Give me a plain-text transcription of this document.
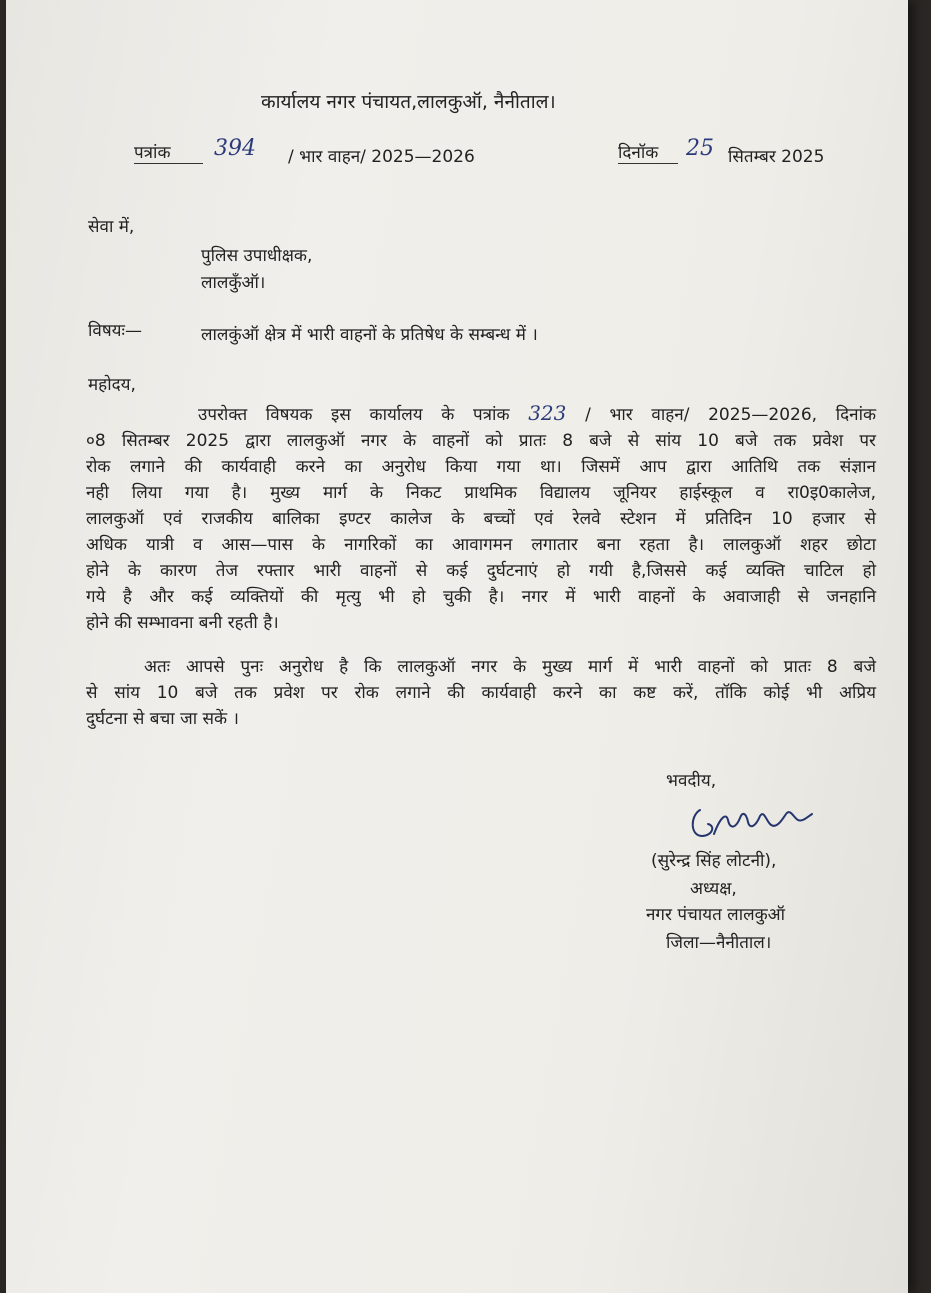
कार्यालय नगर पंचायत,लालकुऑ, नैनीताल।
पत्रांक	394 / भार वाहन/ 2025—2026	दिनॉक	25 सितम्बर 2025
सेवा में,
पुलिस उपाधीक्षक,
लालकुँऑ।
विषयः—	लालकुंऑ क्षेत्र में भारी वाहनों के प्रतिषेध के सम्बन्ध में ।
महोदय,
उपरोक्त विषयक इस कार्यालय के पत्रांक 323 / भार वाहन/ 2025—2026, दिनांक
०8 सितम्बर 2025 द्वारा लालकुऑ नगर के वाहनों को प्रातः 8 बजे से सांय 10 बजे तक प्रवेश पर
रोक लगाने की कार्यवाही करने का अनुरोध किया गया था। जिसमें आप द्वारा आतिथि तक संज्ञान
नही लिया गया है। मुख्य मार्ग के निकट प्राथमिक विद्यालय जूनियर हाईस्कूल व रा0इ0कालेज,
लालकुऑ एवं राजकीय बालिका इण्टर कालेज के बच्चों एवं रेलवे स्टेशन में प्रतिदिन 10 हजार से
अधिक यात्री व आस—पास के नागरिकों का आवागमन लगातार बना रहता है। लालकुऑ शहर छोटा
होने के कारण तेज रफ्तार भारी वाहनों से कई दुर्घटनाएं हो गयी है,जिससे कई व्यक्ति चाटिल हो
गये है और कई व्यक्तियों की मृत्यु भी हो चुकी है। नगर में भारी वाहनों के अवाजाही से जनहानि
होने की सम्भावना बनी रहती है।
अतः आपसे पुनः अनुरोध है कि लालकुऑ नगर के मुख्य मार्ग में भारी वाहनों को प्रातः 8 बजे
से सांय 10 बजे तक प्रवेश पर रोक लगाने की कार्यवाही करने का कष्ट करें, तॉकि कोई भी अप्रिय
दुर्घटना से बचा जा सकें ।
भवदीय,
(सुरेन्द्र सिंह लोटनी),
अध्यक्ष,
नगर पंचायत लालकुऑ
जिला—नैनीताल।
